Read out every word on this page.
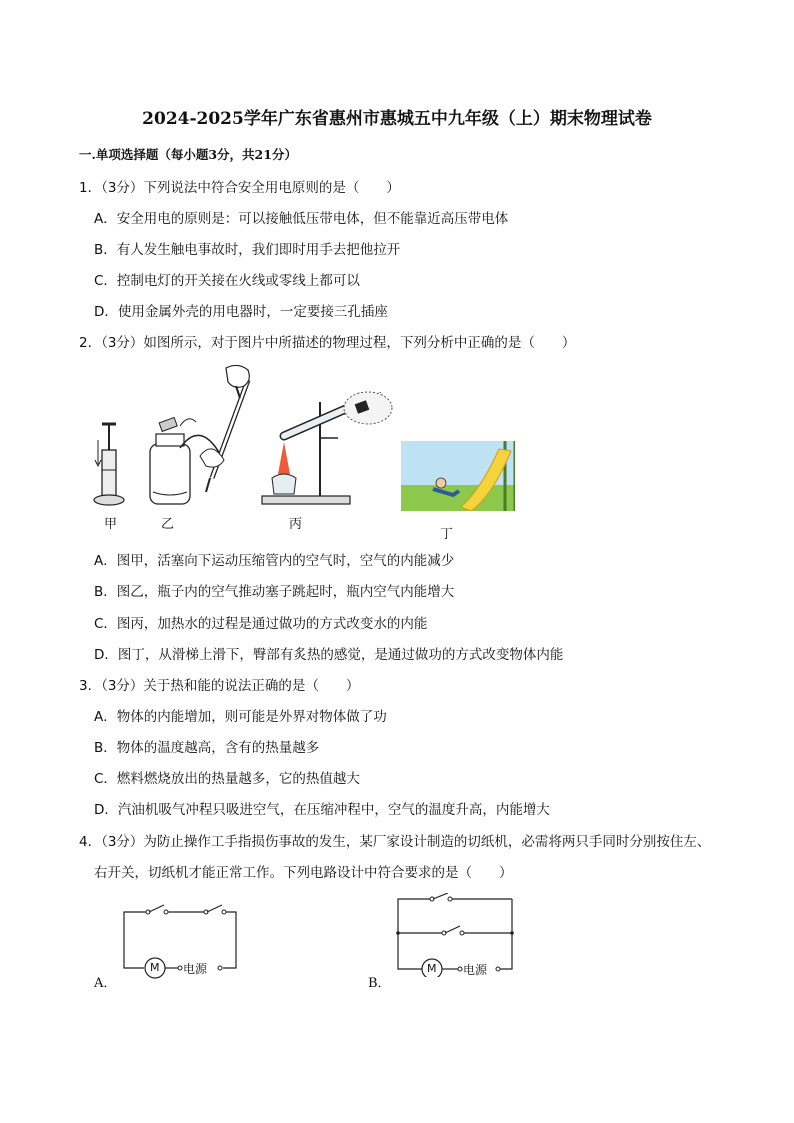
2024-2025学年广东省惠州市惠城五中九年级（上）期末物理试卷
一.单项选择题（每小题3分，共21分）
1．（3分）下列说法中符合安全用电原则的是（　　）
A．安全用电的原则是：可以接触低压带电体，但不能靠近高压带电体
B．有人发生触电事故时，我们即时用手去把他拉开
C．控制电灯的开关接在火线或零线上都可以
D．使用金属外壳的用电器时，一定要接三孔插座
2．（3分）如图所示，对于图片中所描述的物理过程，下列分析中正确的是（　　）
甲	乙	丙
丁
A．图甲，活塞向下运动压缩管内的空气时，空气的内能减少
B．图乙，瓶子内的空气推动塞子跳起时，瓶内空气内能增大
C．图丙，加热水的过程是通过做功的方式改变水的内能
D．图丁，从滑梯上滑下，臀部有炙热的感觉，是通过做功的方式改变物体内能
3．（3分）关于热和能的说法正确的是（　　）
A．物体的内能增加，则可能是外界对物体做了功
B．物体的温度越高，含有的热量越多
C．燃料燃烧放出的热量越多，它的热值越大
D．汽油机吸气冲程只吸进空气，在压缩冲程中，空气的温度升高，内能增大
4．（3分）为防止操作工手指损伤事故的发生，某厂家设计制造的切纸机，必需将两只手同时分别按住左、
右开关，切纸机才能正常工作。下列电路设计中符合要求的是（　　）
M 电源
A．
M 电源
B．
